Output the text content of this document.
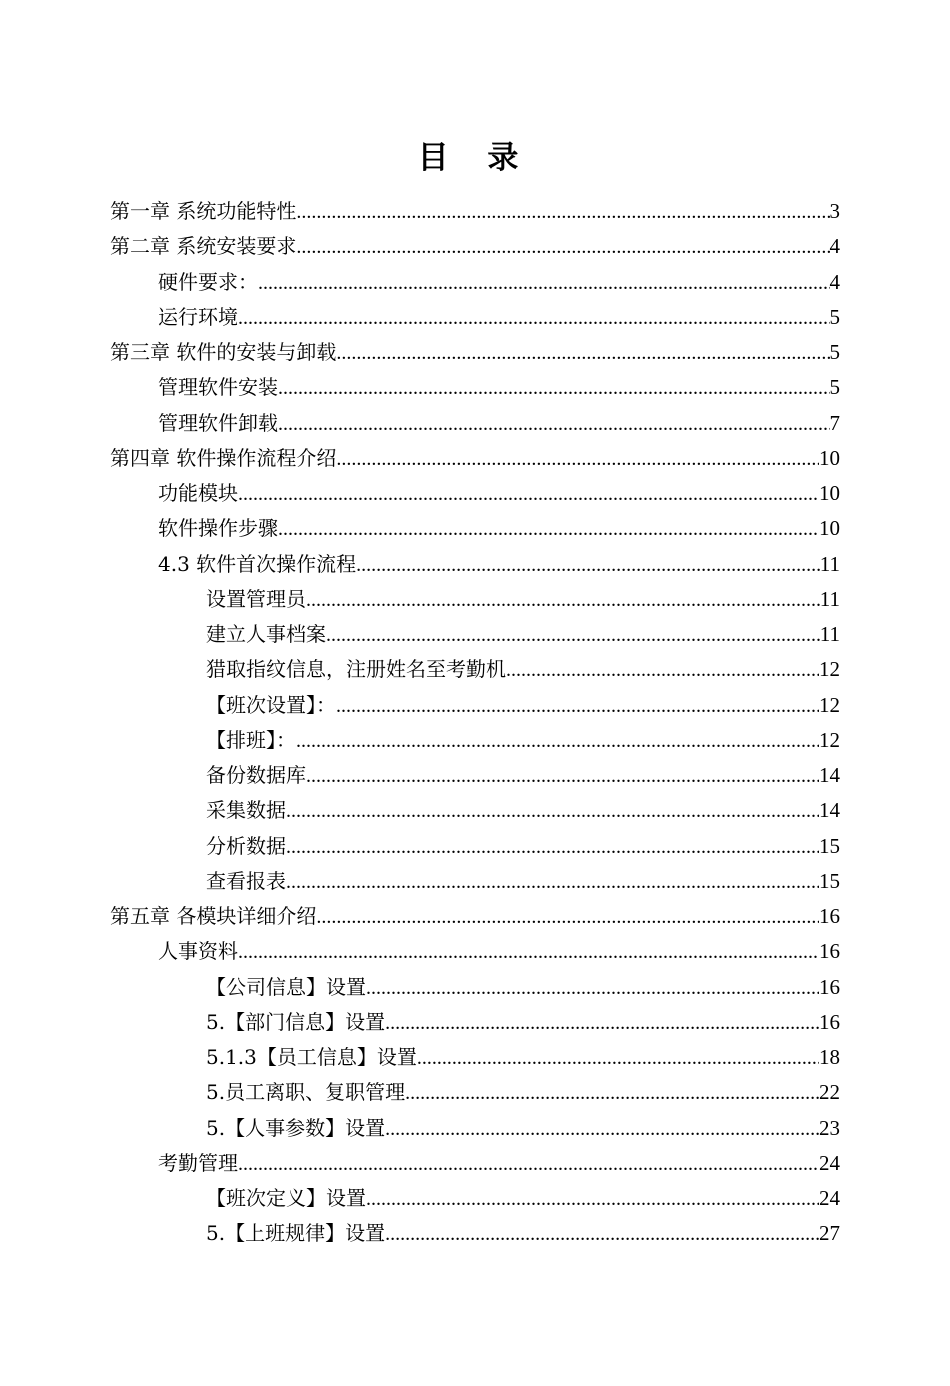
目 录
第一章 系统功能特性 .....	3
第二章 系统安装要求 .....	4
硬件要求： .....	4
运行环境 .....	5
第三章 软件的安装与卸载 .....	5
管理软件安装 .....	5
管理软件卸载 .....	7
第四章 软件操作流程介绍 .....	10
功能模块 .....	10
软件操作步骤 .....	10
4.3 软件首次操作流程 .....	11
设置管理员 .....	11
建立人事档案 .....	11
猎取指纹信息，注册姓名至考勤机 .....	12
【班次设置】： .....	12
【排班】： .....	12
备份数据库 .....	14
采集数据 .....	14
分析数据 .....	15
查看报表 .....	15
第五章 各模块详细介绍 .....	16
人事资料 .....	16
【公司信息】设置 .....	16
5.【部门信息】设置 .....	16
5.1.3【员工信息】设置 .....	18
5.员工离职、复职管理 .....	22
5.【人事参数】设置 .....	23
考勤管理 .....	24
【班次定义】设置 .....	24
5.【上班规律】设置 .....	27
